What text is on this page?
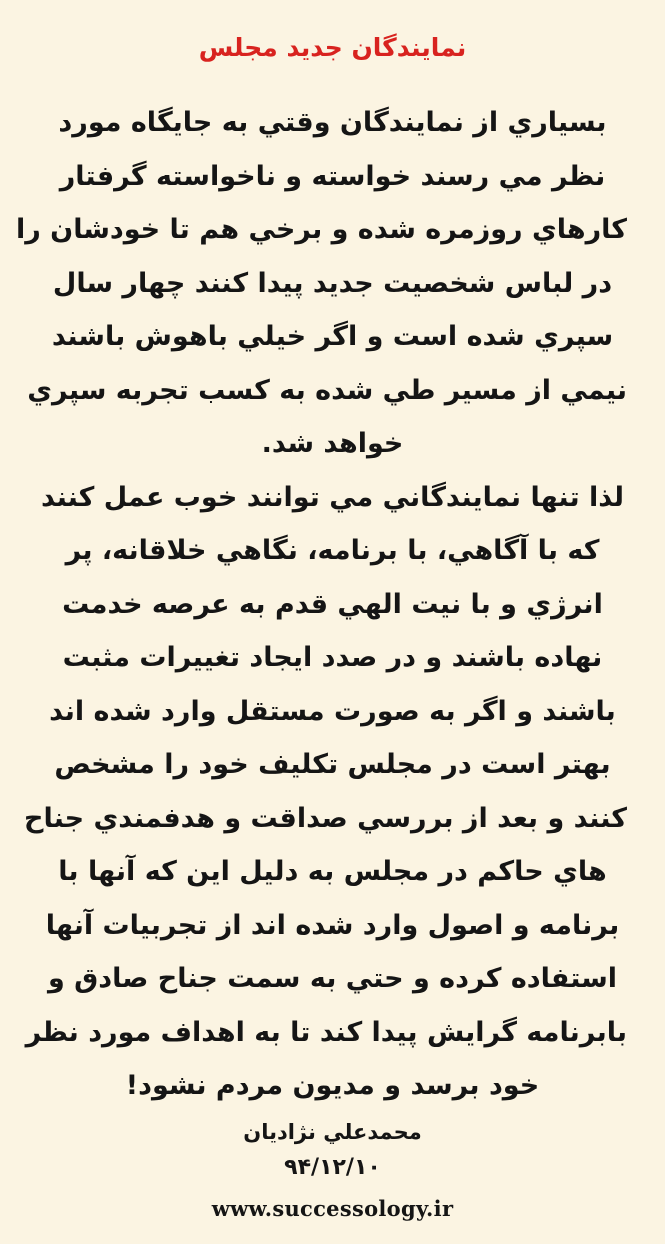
نمایندگان جدید مجلس
بسياري از نمايندگان وقتي به جايگاه مورد
نظر مي رسند خواسته و ناخواسته گرفتار
كارهاي روزمره شده و برخي هم تا خودشان را
در لباس شخصيت جديد پيدا كنند چهار سال
سپري شده است و اگر خيلي باهوش باشند
نيمي از مسير طي شده به كسب تجربه سپري
خواهد شد.
لذا تنها نمايندگاني مي توانند خوب عمل كنند
كه با آگاهي، با برنامه، نگاهي خلاقانه، پر
انرژي و با نيت الهي قدم به عرصه خدمت
نهاده باشند و در صدد ايجاد تغييرات مثبت
باشند و اگر به صورت مستقل وارد شده اند
بهتر است در مجلس تكليف خود را مشخص
كنند و بعد از بررسي صداقت و هدفمندي جناح
هاي حاكم در مجلس به دليل اين كه آنها با
برنامه و اصول وارد شده اند از تجربيات آنها
استفاده كرده و حتي به سمت جناح صادق و
بابرنامه گرايش پيدا كند تا به اهداف مورد نظر
خود برسد و مديون مردم نشود!
محمدعلي نژاديان
۹۴/۱۲/۱۰
www.successology.ir
